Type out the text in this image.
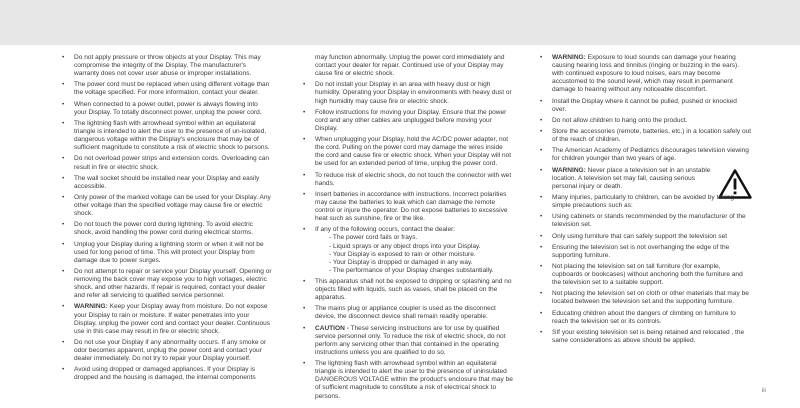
• Do not apply pressure or throw objects at your Display. This may compromise the integrity of the Display. The manufacturer's warranty does not cover user abuse or improper installations.
• The power cord must be replaced when using different voltage than the voltage specified. For more information, contact your dealer.
• When connected to a power outlet, power is always flowing into your Display. To totally disconnect power, unplug the power cord.
• The lightning flash with arrowhead symbol within an equilateral triangle is intended to alert the user to the presence of un-isolated, dangerous voltage within the Display's enclosure that may be of sufficient magnitude to constitute a risk of electric shock to persons.
• Do not overload power strips and extension cords. Overloading can result in fire or electric shock.
• The wall socket should be installed near your Display and easily accessible.
• Only power of the marked voltage can be used for your Display. Any other voltage than the specified voltage may cause fire or electric shock.
• Do not touch the power cord during lightning. To avoid electric shock, avoid handling the power cord during electrical storms.
• Unplug your Display during a lightning storm or when it will not be used for long period of time. This will protect your Display from damage due to power surges.
• Do not attempt to repair or service your Display yourself. Opening or removing the back cover may expose you to high voltages, electric shock, and other hazards. If repair is required, contact your dealer and refer all servicing to qualified service personnel.
• WARNING: Keep your Display away from moisture. Do not expose your Display to rain or moisture. If water penetrates into your Display, unplug the power cord and contact your dealer. Continuous use in this case may result in fire or electric shock.
• Do not use your Display if any abnormality occurs. If any smoke or odor becomes apparent, unplug the power cord and contact your dealer immediately. Do not try to repair your Display yourself.
• Avoid using dropped or damaged appliances. If your Display is dropped and the housing is damaged, the internal components
may function abnormally. Unplug the power cord immediately and contact your dealer for repair. Continued use of your Display may cause fire or electric shock.
• Do not install your Display in an area with heavy dust or high humidity. Operating your Display in environments with heavy dust or high humidity may cause fire or electric shock.
• Follow instructions for moving your Display. Ensure that the power cord and any other cables are unplugged before moving your Display.
• When unplugging your Display, hold the AC/DC power adapter, not the cord. Pulling on the power cord may damage the wires inside the cord and cause fire or electric shock. When your Display will not be used for an extended period of time, unplug the power cord.
• To reduce risk of electric shock, do not touch the connector with wet hands.
• Insert batteries in accordance with instructions. Incorrect polarities may cause the batteries to leak which can damage the remote control or injure the operator. Do not expose batteries to excessive heat such as sunshine, fire or the like.
• If any of the following occurs, contact the dealer:
- The power cord fails or frays.
- Liquid sprays or any object drops into your Display.
- Your Display is exposed to rain or other moisture.
- Your Display is dropped or damaged in any way.
- The performance of your Display changes substantially.
• This apparatus shall not be exposed to dripping or splashing and no objects filled with liquids, such as vases, shall be placed on the apparatus.
• The mains plug or appliance coupler is used as the disconnect device, the disconnect device shall remain readily operable.
• CAUTION - These servicing instructions are for use by qualified service personnel only. To reduce the risk of electric shock, do not perform any servicing other than that contained in the operating instructions unless you are qualified to do so.
• The lightning flash with arrowhead symbol within an equilateral triangle is intended to alert the user to the presence of uninsulated DANGEROUS VOLTAGE within the product's enclosure that may be of sufficient magnitude to constitute a risk of electrical shock to persons.
• WARNING: Exposure to loud sounds can damage your hearing causing hearing loss and tinnitus (ringing or buzzing in the ears). with continued exposure to loud noises, ears may become accustomed to the sound level, which may result in permanent damage to hearing without any noticeable discomfort.
• Install the Display where it cannot be pulled, pushed or knocked over.
• Do not allow children to hang onto the product.
• Store the accessories (remote, batteries, etc.) in a location safely out of the reach of children.
• The American Academy of Pediatrics discourages television viewing for children younger than two years of age.
• WARNING: Never place a television set in an unstable location. A television set may fall, causing serious personal injury or death.
• Many injuries, particularly to children, can be avoided by taking simple precautions such as:
• Using cabinets or stands recommended by the manufacturer of the television set.
• Only using furniture that can safely support the television set
• Ensuring the television set is not overhanging the edge of the supporting furniture.
• Not placing the television set on tall furniture (for example, cupboards or bookcases) without anchoring both the furniture and the television set to a suitable support.
• Not placing the television set on cloth or other materials that may be located between the television set and the supporting furniture.
• Educating children about the dangers of climbing on furniture to reach the television set or its controls.
• SIf your existing television set is being retained and relocated , the same considerations as above should be applied.
iii
